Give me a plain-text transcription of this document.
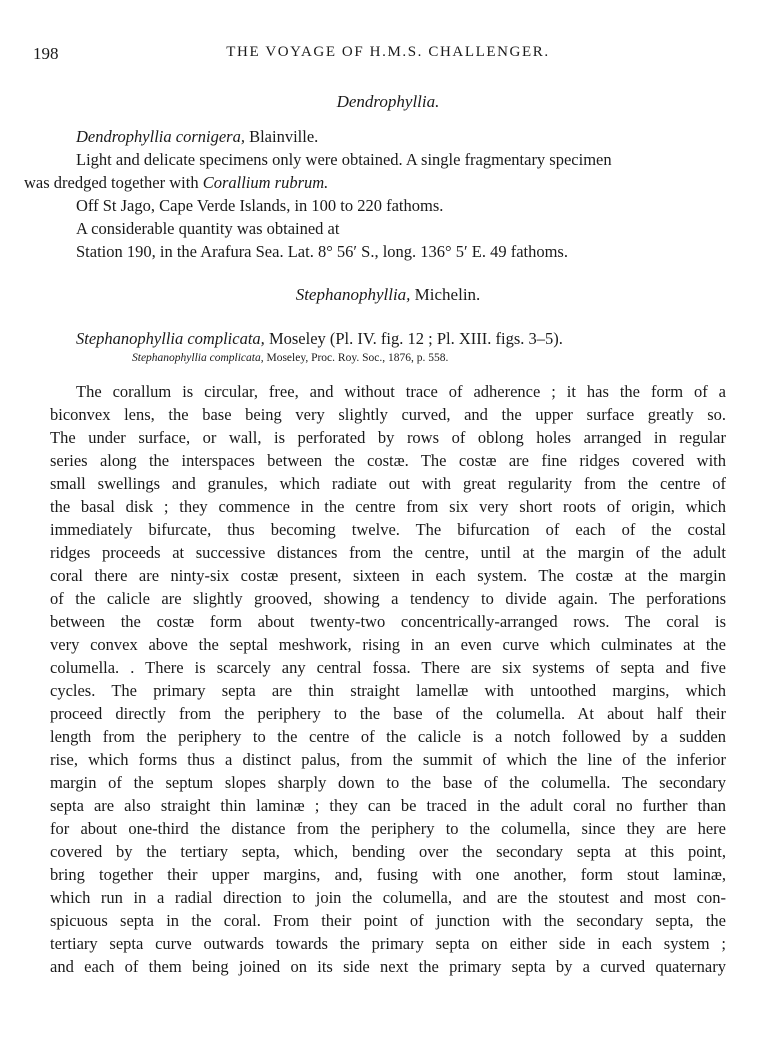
198	THE VOYAGE OF H.M.S. CHALLENGER.
Dendrophyllia.
Dendrophyllia cornigera, Blainville.
Light and delicate specimens only were obtained. A single fragmentary specimen
was dredged together with Corallium rubrum.
Off St Jago, Cape Verde Islands, in 100 to 220 fathoms.
A considerable quantity was obtained at
Station 190, in the Arafura Sea. Lat. 8° 56′ S., long. 136° 5′ E. 49 fathoms.
Stephanophyllia, Michelin.
Stephanophyllia complicata, Moseley (Pl. IV. fig. 12 ; Pl. XIII. figs. 3–5).
Stephanophyllia complicata, Moseley, Proc. Roy. Soc., 1876, p. 558.
The corallum is circular, free, and without trace of adherence ; it has the form of a
biconvex lens, the base being very slightly curved, and the upper surface greatly so.
The under surface, or wall, is perforated by rows of oblong holes arranged in regular
series along the interspaces between the costæ. The costæ are fine ridges covered with
small swellings and granules, which radiate out with great regularity from the centre of
the basal disk ; they commence in the centre from six very short roots of origin, which
immediately bifurcate, thus becoming twelve. The bifurcation of each of the costal
ridges proceeds at successive distances from the centre, until at the margin of the adult
coral there are ninty-six costæ present, sixteen in each system. The costæ at the margin
of the calicle are slightly grooved, showing a tendency to divide again. The perforations
between the costæ form about twenty-two concentrically-arranged rows. The coral is
very convex above the septal meshwork, rising in an even curve which culminates at the
columella. . There is scarcely any central fossa. There are six systems of septa and five
cycles. The primary septa are thin straight lamellæ with untoothed margins, which
proceed directly from the periphery to the base of the columella. At about half their
length from the periphery to the centre of the calicle is a notch followed by a sudden
rise, which forms thus a distinct palus, from the summit of which the line of the inferior
margin of the septum slopes sharply down to the base of the columella. The secondary
septa are also straight thin laminæ ; they can be traced in the adult coral no further than
for about one-third the distance from the periphery to the columella, since they are here
covered by the tertiary septa, which, bending over the secondary septa at this point,
bring together their upper margins, and, fusing with one another, form stout laminæ,
which run in a radial direction to join the columella, and are the stoutest and most con-
spicuous septa in the coral. From their point of junction with the secondary septa, the
tertiary septa curve outwards towards the primary septa on either side in each system ;
and each of them being joined on its side next the primary septa by a curved quaternary
